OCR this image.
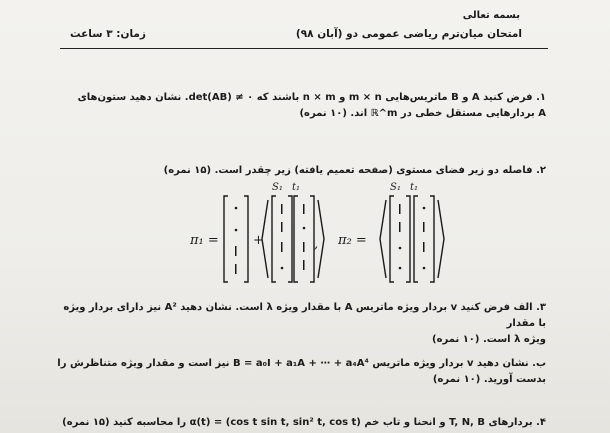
بسمه تعالی
امتحان میان‌ترم ریاضی عمومی دو (آبان ۹۸)
زمان: ۳ ساعت
۱. فرض کنید A و B ماتریس‌هایی m × n و n × m باشند که det(AB) ≠ ۰. نشان دهید ستون‌های
A بردارهایی مستقل خطی در ℝ^m اند. (۱۰ نمره)
۲. فاصله دو زیر فضای مستوی (صفحه تعمیم یافته) زیر چقدر است. (۱۵ نمره)
π₁ =	π₂ =
+	,
S₁ t₁	S₁ t₁
۳. الف فرض کنید v بردار ویژه ماتریس A با مقدار ویژه λ است. نشان دهید A² نیز دارای بردار ویژه با مقدار
ویژه λ است. (۱۰ نمره)
ب. نشان دهید v بردار ویژه ماتریس B = a₀I + a₁A + ⋯ + a₄A⁴ نیز است و مقدار ویژه متناظرش را
بدست آورید. (۱۰ نمره)
۴. بردارهای T, N, B و انحنا و تاب خم α(t) = (cos t sin t, sin² t, cos t) را محاسبه کنید (۱۵ نمره)
